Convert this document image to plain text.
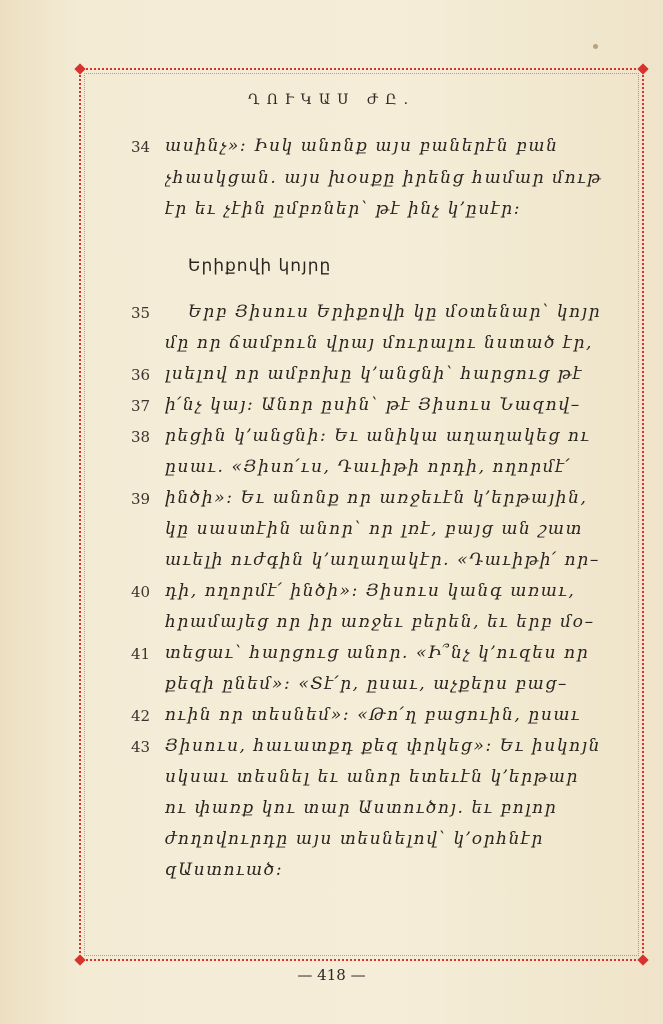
ՂՈՒԿԱՍ ԺԸ.
34 ասինչ»: Իսկ անոնք այս բաներէն բան
չհասկցան. այս խօսքը իրենց համար մութ
էր եւ չէին ըմբռներ՝ թէ ինչ կ՚ըսէր:
Երիքովի կոյրը
35	Երբ Յիսուս Երիքովի կը մօտենար՝ կոյր
մը որ ճամբուն վրայ մուրալու նստած էր,
36 լսելով որ ամբոխը կ՚անցնի՝ հարցուց թէ
37 ի՛նչ կայ: Անոր ըսին՝ թէ Յիսուս Նազով–
38 րեցին կ՚անցնի: Եւ անիկա աղաղակեց ու
ըսաւ. «Յիսո՛ւս, Դաւիթի որդի, ողորմէ՛
39 ինծի»: Եւ անոնք որ առջեւէն կ՚երթային,
կը սաստէին անոր՝ որ լռէ, բայց ան շատ
աւելի ուժգին կ՚աղաղակէր. «Դաւիթի՛ որ–
40 դի, ողորմէ՛ ինծի»: Յիսուս կանգ առաւ,
հրամայեց որ իր առջեւ բերեն, եւ երբ մօ–
41 տեցաւ՝ հարցուց անոր. «Ի՞նչ կ՚ուզես որ
քեզի ընեմ»: «Տէ՛ր, ըսաւ, աչքերս բաց–
42 ուին որ տեսնեմ»: «Թո՛ղ բացուին, ըսաւ
43 Յիսուս, հաւատքդ քեզ փրկեց»: Եւ իսկոյն
սկսաւ տեսնել եւ անոր ետեւէն կ՚երթար
ու փառք կու տար Աստուծոյ. եւ բոլոր
ժողովուրդը այս տեսնելով՝ կ՚օրհնէր
զԱստուած:
— 418 —
